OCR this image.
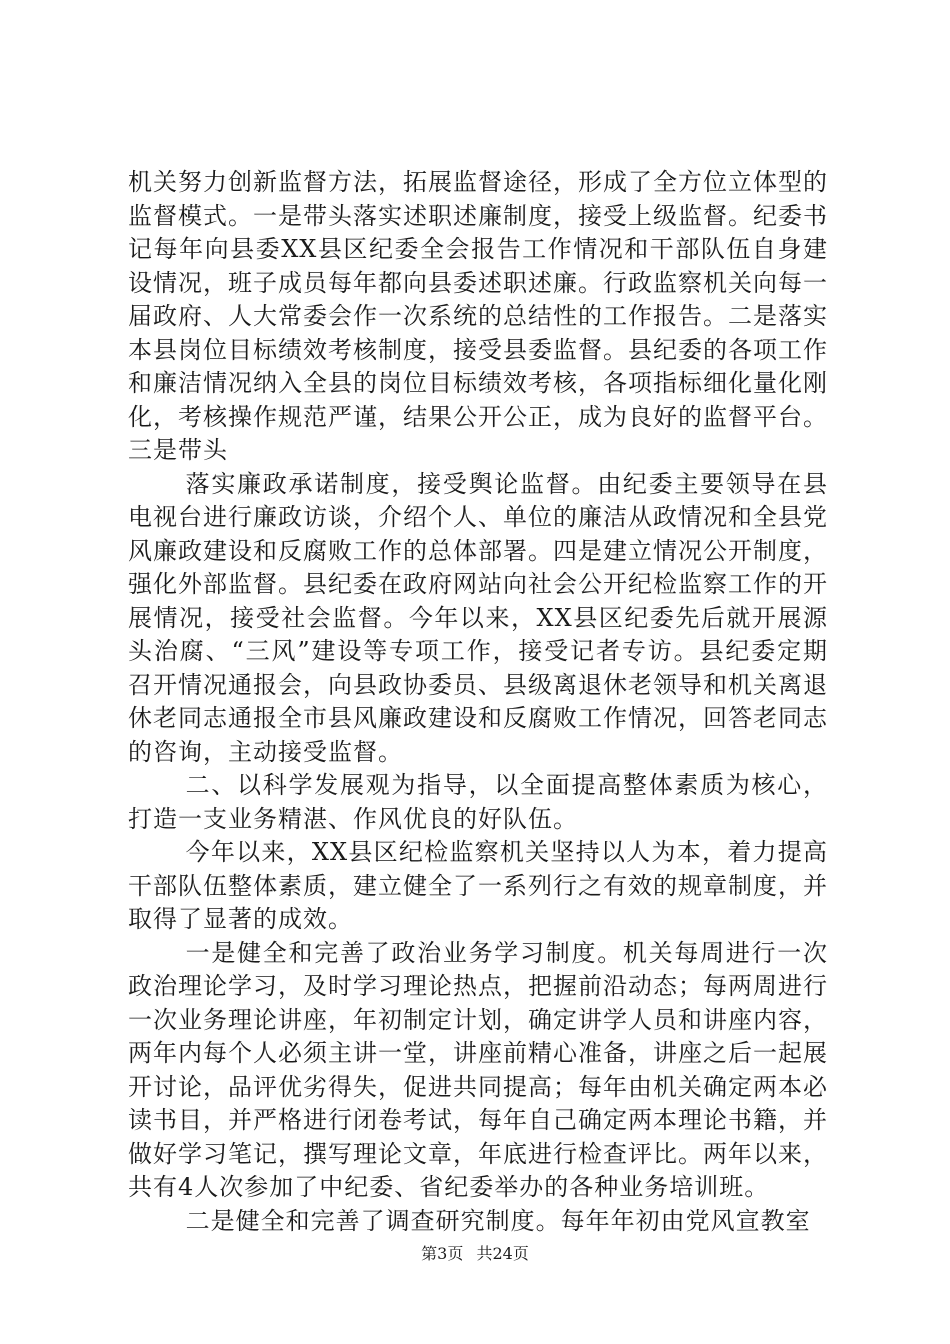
机关努力创新监督方法，拓展监督途径，形成了全方位立体型的监督模式。一是带头落实述职述廉制度，接受上级监督。纪委书记每年向县委XX县区纪委全会报告工作情况和干部队伍自身建设情况，班子成员每年都向县委述职述廉。行政监察机关向每一届政府、人大常委会作一次系统的总结性的工作报告。二是落实本县岗位目标绩效考核制度，接受县委监督。县纪委的各项工作和廉洁情况纳入全县的岗位目标绩效考核，各项指标细化量化刚化，考核操作规范严谨，结果公开公正，成为良好的监督平台。三是带头

落实廉政承诺制度，接受舆论监督。由纪委主要领导在县电视台进行廉政访谈，介绍个人、单位的廉洁从政情况和全县党风廉政建设和反腐败工作的总体部署。四是建立情况公开制度，强化外部监督。县纪委在政府网站向社会公开纪检监察工作的开展情况，接受社会监督。今年以来，XX县区纪委先后就开展源头治腐、“三风”建设等专项工作，接受记者专访。县纪委定期召开情况通报会，向县政协委员、县级离退休老领导和机关离退休老同志通报全市县风廉政建设和反腐败工作情况，回答老同志的咨询，主动接受监督。

二、以科学发展观为指导，以全面提高整体素质为核心，打造一支业务精湛、作风优良的好队伍。

今年以来，XX县区纪检监察机关坚持以人为本，着力提高干部队伍整体素质，建立健全了一系列行之有效的规章制度，并取得了显著的成效。

一是健全和完善了政治业务学习制度。机关每周进行一次政治理论学习，及时学习理论热点，把握前沿动态；每两周进行一次业务理论讲座，年初制定计划，确定讲学人员和讲座内容，两年内每个人必须主讲一堂，讲座前精心准备，讲座之后一起展开讨论，品评优劣得失，促进共同提高；每年由机关确定两本必读书目，并严格进行闭卷考试，每年自己确定两本理论书籍，并做好学习笔记，撰写理论文章，年底进行检查评比。两年以来，共有4人次参加了中纪委、省纪委举办的各种业务培训班。

二是健全和完善了调查研究制度。每年年初由党风宣教室

第3页 共24页
